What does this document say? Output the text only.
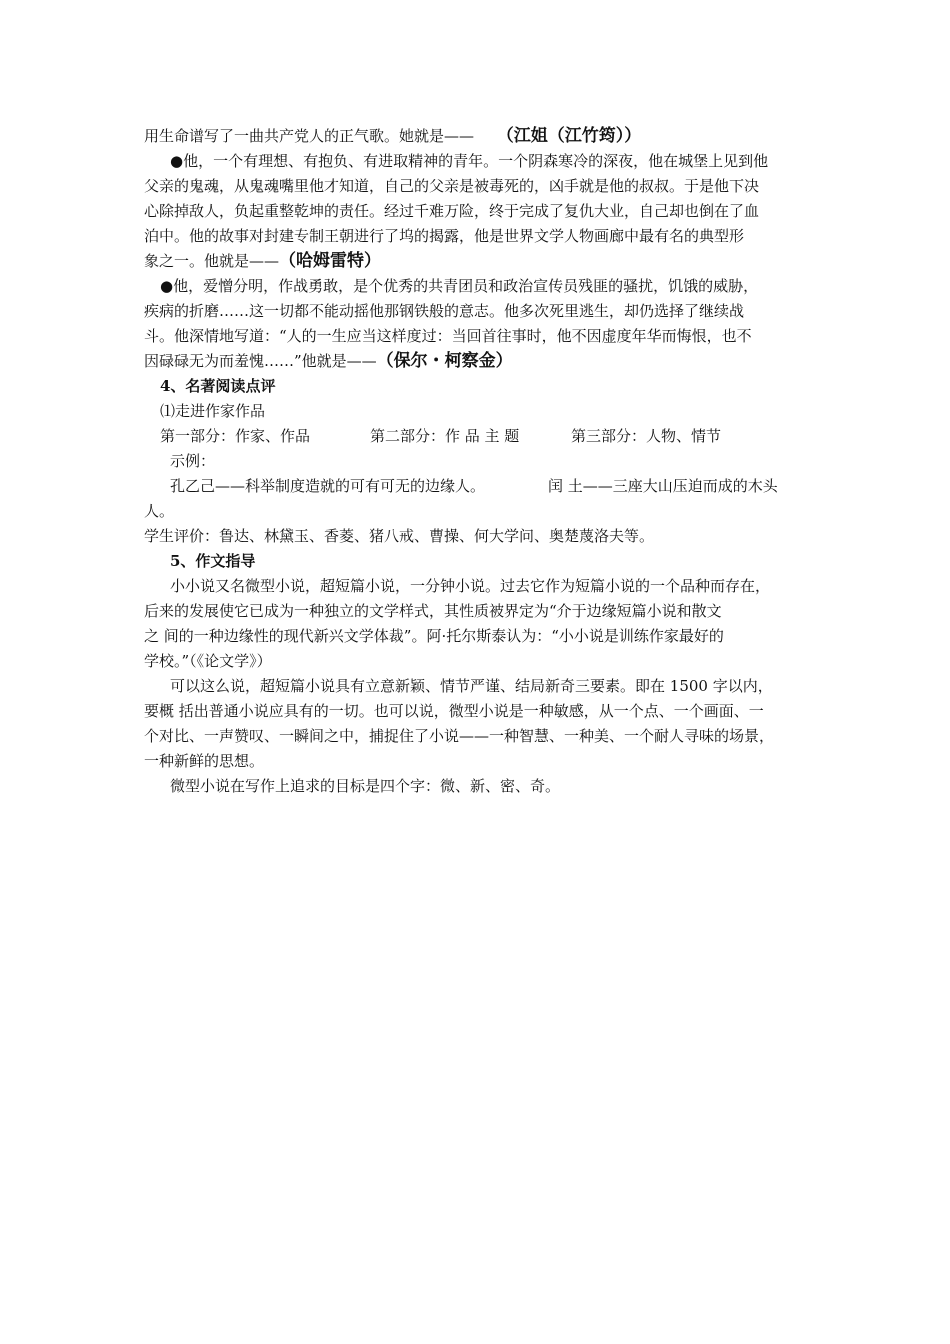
用生命谱写了一曲共产党人的正气歌。她就是—— （江姐（江竹筠））
●他，一个有理想、有抱负、有进取精神的青年。一个阴森寒冷的深夜，他在城堡上见到他
父亲的鬼魂，从鬼魂嘴里他才知道，自己的父亲是被毒死的，凶手就是他的叔叔。于是他下决
心除掉敌人，负起重整乾坤的责任。经过千难万险，终于完成了复仇大业，自己却也倒在了血
泊中。他的故事对封建专制王朝进行了坞的揭露，他是世界文学人物画廊中最有名的典型形
象之一。他就是——（哈姆雷特）
●他，爱憎分明，作战勇敢，是个优秀的共青团员和政治宣传员残匪的骚扰，饥饿的威胁，
疾病的折磨……这一切都不能动摇他那钢铁般的意志。他多次死里逃生，却仍选择了继续战
斗。他深情地写道：“人的一生应当这样度过：当回首往事时，他不因虚度年华而悔恨，也不
因碌碌无为而羞愧……”他就是——（保尔・柯察金）
4、名著阅读点评
⑴走进作家作品
第一部分：作家、作品	第二部分：作 品 主 题	第三部分：人物、情节
示例：
孔乙己——科举制度造就的可有可无的边缘人。	闰 土——三座大山压迫而成的木头
人。
学生评价：鲁达、林黛玉、香菱、猪八戒、曹操、何大学问、奥楚蔑洛夫等。
5、作文指导
小小说又名微型小说，超短篇小说，一分钟小说。过去它作为短篇小说的一个品种而存在，
后来的发展使它已成为一种独立的文学样式，其性质被界定为“介于边缘短篇小说和散文
之 间的一种边缘性的现代新兴文学体裁”。阿·托尔斯泰认为：“小小说是训练作家最好的
学校。”（《论文学》）
可以这么说，超短篇小说具有立意新颖、情节严谨、结局新奇三要素。即在 1500 字以内，
要概 括出普通小说应具有的一切。也可以说，微型小说是一种敏感，从一个点、一个画面、一
个对比、一声赞叹、一瞬间之中，捕捉住了小说——一种智慧、一种美、一个耐人寻味的场景，
一种新鲜的思想。
微型小说在写作上追求的目标是四个字：微、新、密、奇。
